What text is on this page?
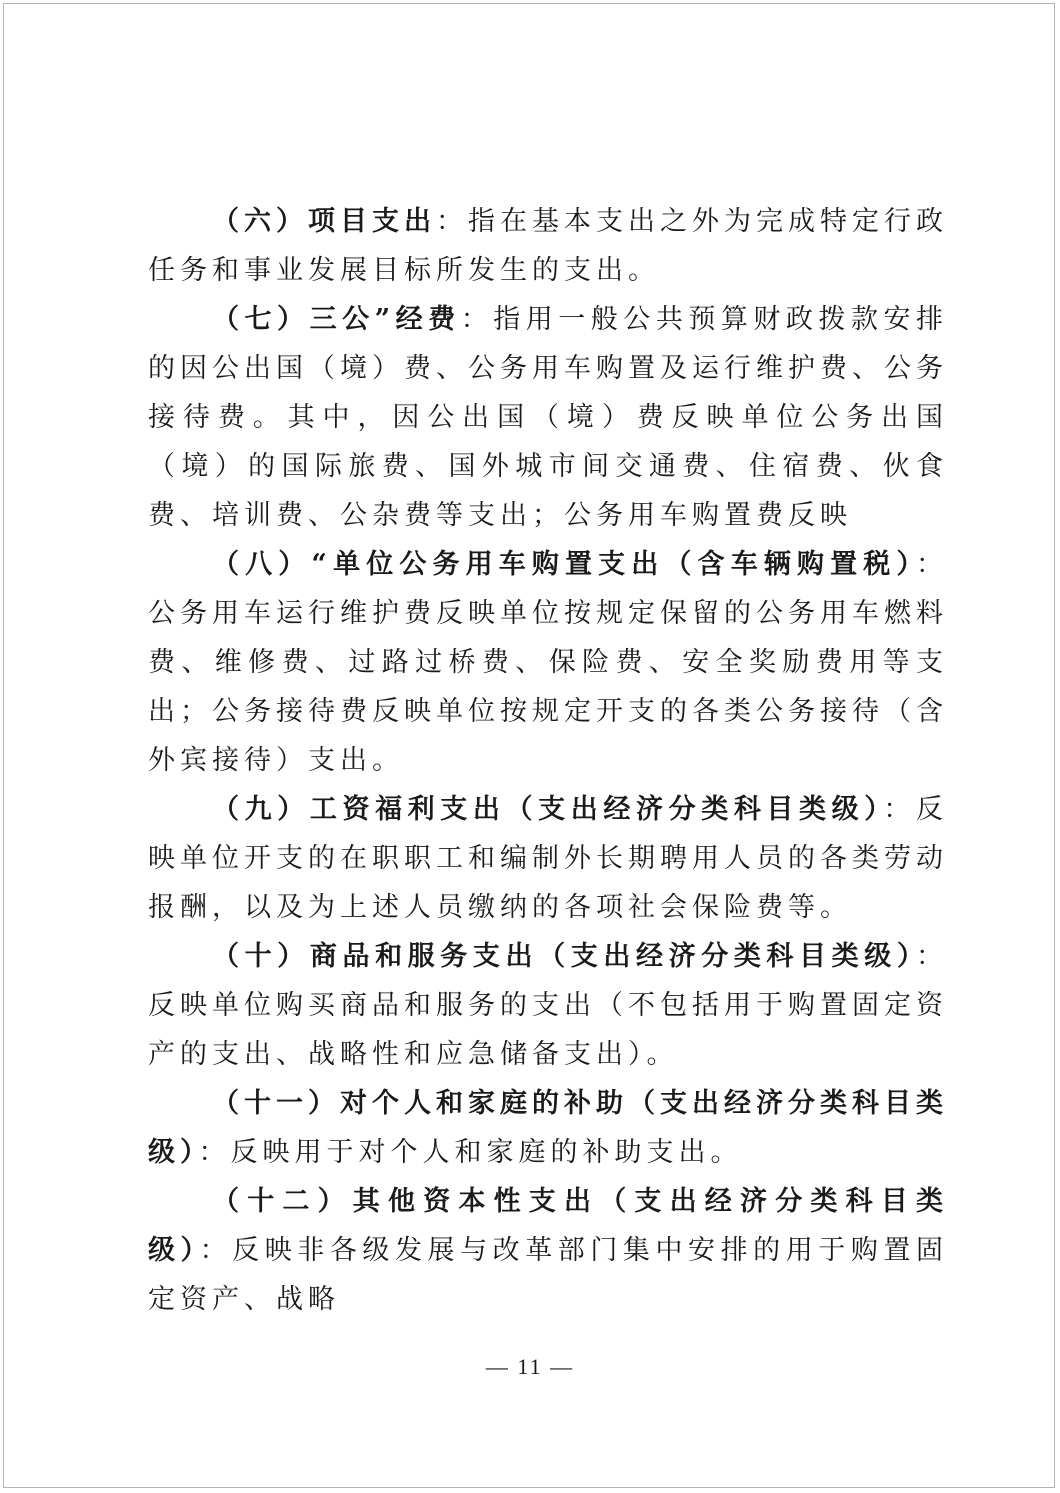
（六）项目支出：指在基本支出之外为完成特定行政任务和事业发展目标所发生的支出。

（七）三公”经费：指用一般公共预算财政拨款安排的因公出国（境）费、公务用车购置及运行维护费、公务接待费。其中，因公出国（境）费反映单位公务出国（境）的国际旅费、国外城市间交通费、住宿费、伙食费、培训费、公杂费等支出；公务用车购置费反映

（八）“单位公务用车购置支出（含车辆购置税）：公务用车运行维护费反映单位按规定保留的公务用车燃料费、维修费、过路过桥费、保险费、安全奖励费用等支出；公务接待费反映单位按规定开支的各类公务接待（含外宾接待）支出。

（九）工资福利支出（支出经济分类科目类级）：反映单位开支的在职职工和编制外长期聘用人员的各类劳动报酬，以及为上述人员缴纳的各项社会保险费等。

（十）商品和服务支出（支出经济分类科目类级）：反映单位购买商品和服务的支出（不包括用于购置固定资产的支出、战略性和应急储备支出）。

（十一）对个人和家庭的补助（支出经济分类科目类级）：反映用于对个人和家庭的补助支出。

（十二）其他资本性支出（支出经济分类科目类级）：反映非各级发展与改革部门集中安排的用于购置固定资产、战略

— 11 —
